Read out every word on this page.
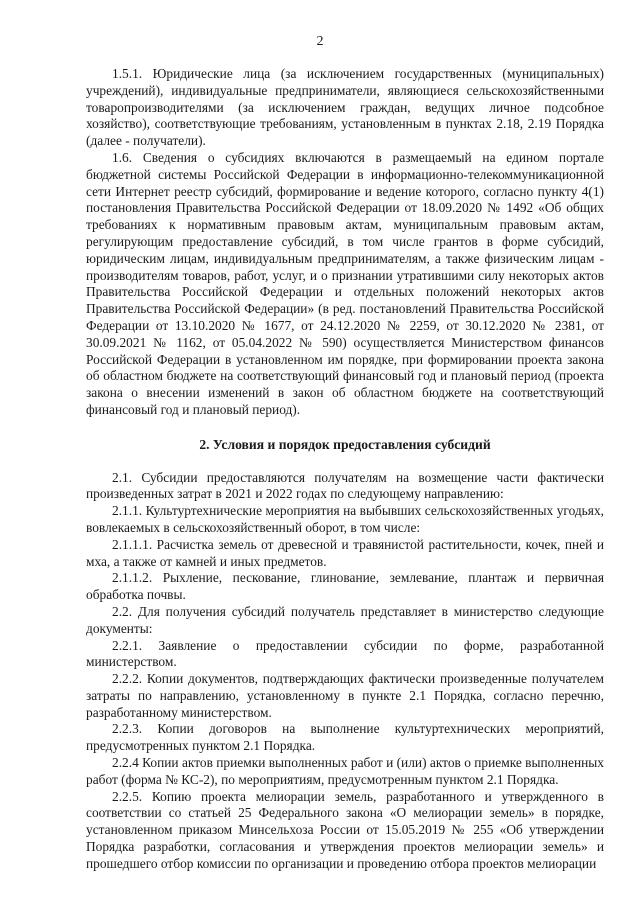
2

1.5.1. Юридические лица (за исключением государственных (муниципальных) учреждений), индивидуальные предприниматели, являющиеся сельскохозяйственными товаропроизводителями (за исключением граждан, ведущих личное подсобное хозяйство), соответствующие требованиям, установленным в пунктах 2.18, 2.19 Порядка (далее - получатели).

1.6. Сведения о субсидиях включаются в размещаемый на едином портале бюджетной системы Российской Федерации в информационно-телекоммуникационной сети Интернет реестр субсидий, формирование и ведение которого, согласно пункту 4(1) постановления Правительства Российской Федерации от 18.09.2020 № 1492 «Об общих требованиях к нормативным правовым актам, муниципальным правовым актам, регулирующим предоставление субсидий, в том числе грантов в форме субсидий, юридическим лицам, индивидуальным предпринимателям, а также физическим лицам - производителям товаров, работ, услуг, и о признании утратившими силу некоторых актов Правительства Российской Федерации и отдельных положений некоторых актов Правительства Российской Федерации» (в ред. постановлений Правительства Российской Федерации от 13.10.2020 № 1677, от 24.12.2020 № 2259, от 30.12.2020 № 2381, от 30.09.2021 № 1162, от 05.04.2022 № 590) осуществляется Министерством финансов Российской Федерации в установленном им порядке, при формировании проекта закона об областном бюджете на соответствующий финансовый год и плановый период (проекта закона о внесении изменений в закон об областном бюджете на соответствующий финансовый год и плановый период).

2. Условия и порядок предоставления субсидий

2.1. Субсидии предоставляются получателям на возмещение части фактически произведенных затрат в 2021 и 2022 годах по следующему направлению:

2.1.1. Культуртехнические мероприятия на выбывших сельскохозяйственных угодьях, вовлекаемых в сельскохозяйственный оборот, в том числе:

2.1.1.1. Расчистка земель от древесной и травянистой растительности, кочек, пней и мха, а также от камней и иных предметов.

2.1.1.2. Рыхление, пескование, глинование, землевание, плантаж и первичная обработка почвы.

2.2. Для получения субсидий получатель представляет в министерство следующие документы:

2.2.1. Заявление о предоставлении субсидии по форме, разработанной министерством.

2.2.2. Копии документов, подтверждающих фактически произведенные получателем затраты по направлению, установленному в пункте 2.1 Порядка, согласно перечню, разработанному министерством.

2.2.3. Копии договоров на выполнение культуртехнических мероприятий, предусмотренных пунктом 2.1 Порядка.

2.2.4 Копии актов приемки выполненных работ и (или) актов о приемке выполненных работ (форма № КС-2), по мероприятиям, предусмотренным пунктом 2.1 Порядка.

2.2.5. Копию проекта мелиорации земель, разработанного и утвержденного в соответствии со статьей 25 Федерального закона «О мелиорации земель» в порядке, установленном приказом Минсельхоза России от 15.05.2019 № 255 «Об утверждении Порядка разработки, согласования и утверждения проектов мелиорации земель» и прошедшего отбор комиссии по организации и проведению отбора проектов мелиорации
